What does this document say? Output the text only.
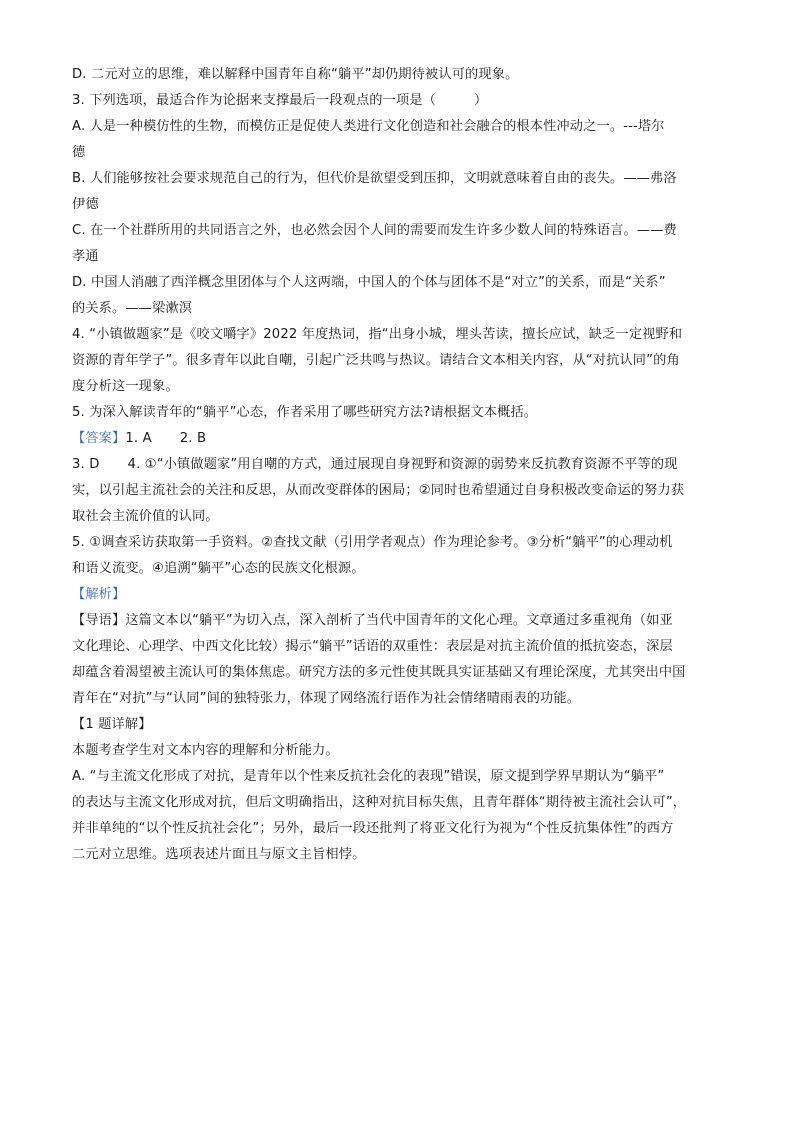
D. 二元对立的思维，难以解释中国青年自称“躺平”却仍期待被认可的现象。
3. 下列选项，最适合作为论据来支撑最后一段观点的一项是（	）
A. 人是一种模仿性的生物，而模仿正是促使人类进行文化创造和社会融合的根本性冲动之一。---塔尔
德
B. 人们能够按社会要求规范自己的行为，但代价是欲望受到压抑，文明就意味着自由的丧失。——弗洛
伊德
C. 在一个社群所用的共同语言之外，也必然会因个人间的需要而发生许多少数人间的特殊语言。——费
孝通
D. 中国人消融了西洋概念里团体与个人这两端，中国人的个体与团体不是“对立”的关系，而是“关系”
的关系。——梁漱溟
4. “小镇做题家”是《咬文嚼字》2022 年度热词，指“出身小城，埋头苦读，擅长应试，缺乏一定视野和
资源的青年学子”。很多青年以此自嘲，引起广泛共鸣与热议。请结合文本相关内容，从“对抗认同”的角
度分析这一现象。
5. 为深入解读青年的“躺平”心态，作者采用了哪些研究方法?请根据文本概括。
【答案】1. A 2. B
3. D 4. ①“小镇做题家”用自嘲的方式，通过展现自身视野和资源的弱势来反抗教育资源不平等的现
实，以引起主流社会的关注和反思，从而改变群体的困局；②同时也希望通过自身积极改变命运的努力获
取社会主流价值的认同。
5. ①调查采访获取第一手资料。②查找文献（引用学者观点）作为理论参考。③分析“躺平”的心理动机
和语义流变。④追溯“躺平”心态的民族文化根源。
【解析】
【导语】这篇文本以“躺平”为切入点，深入剖析了当代中国青年的文化心理。文章通过多重视角（如亚
文化理论、心理学、中西文化比较）揭示“躺平”话语的双重性：表层是对抗主流价值的抵抗姿态，深层
却蕴含着渴望被主流认可的集体焦虑。研究方法的多元性使其既具实证基础又有理论深度，尤其突出中国
青年在“对抗”与“认同”间的独特张力，体现了网络流行语作为社会情绪晴雨表的功能。
【1 题详解】
本题考查学生对文本内容的理解和分析能力。
A. “与主流文化形成了对抗，是青年以个性来反抗社会化的表现”错误，原文提到学界早期认为“躺平”
的表达与主流文化形成对抗，但后文明确指出，这种对抗目标失焦，且青年群体“期待被主流社会认可”，
并非单纯的“以个性反抗社会化”；另外，最后一段还批判了将亚文化行为视为“个性反抗集体性”的西方
二元对立思维。选项表述片面且与原文主旨相悖。
